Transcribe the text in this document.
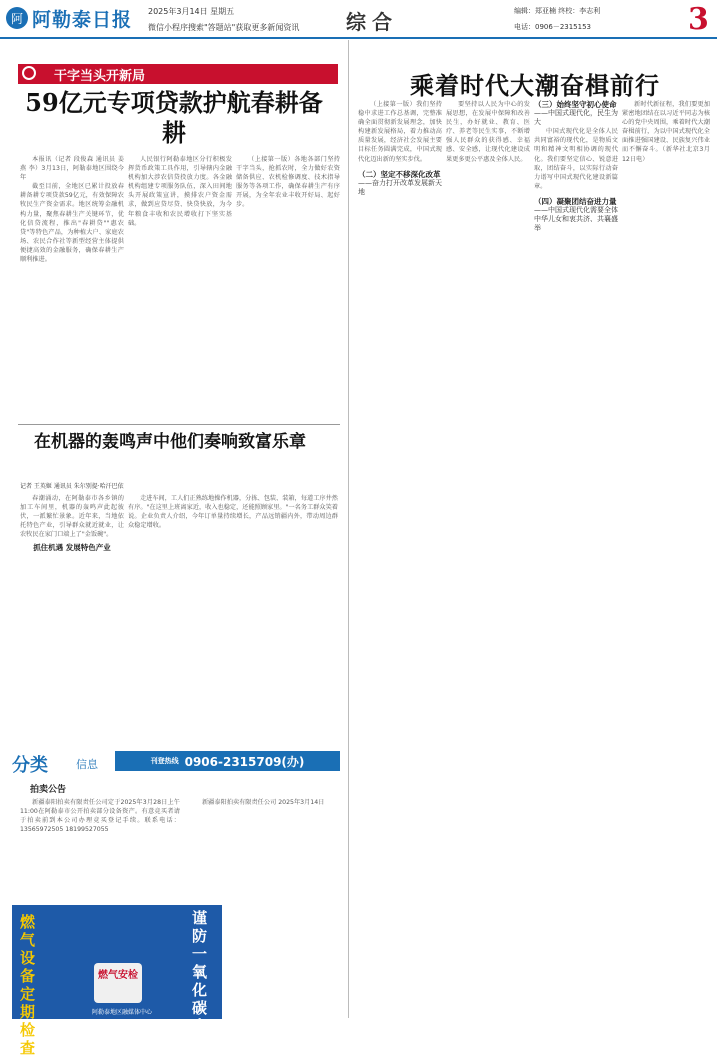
阿 阿勒泰日报 2025年3月14日 星期五
微信小程序搜索"答题站"获取更多新闻资讯 综合	编辑：郑亚楠 终校：李志利
电话：0906－2315153	3
干字当头开新局
59亿元专项贷款护航春耕备耕

本报讯（记者 段俊森 通讯员 姜燕 李）3月13日，阿勒泰地区围绕今年

截至目前，全地区已累计投放春耕备耕专项贷款59亿元，有效保障农牧民生产资金需求。地区统筹金融机构力量，聚焦春耕生产关键环节，优化信贷流程，推出"春耕贷""惠农贷"等特色产品，为种植大户、家庭农场、农民合作社等新型经营主体提供便捷高效的金融服务，确保春耕生产顺利推进。

人民银行阿勒泰地区分行积极发挥货币政策工具作用，引导辖内金融机构加大涉农信贷投放力度。各金融机构组建专项服务队伍，深入田间地头开展政策宣讲，摸排农户资金需求，做到应贷尽贷、快贷快放，为今年粮食丰收和农民增收打下坚实基础。

（上接第一版）各地各部门坚持干字当头，抢抓农时，全力做好农资储备供应、农机检修调度、技术指导服务等各项工作，确保春耕生产有序开展，为全年农业丰收开好局、起好步。

在机器的轰鸣声中他们奏响致富乐章
记者 王英姬 通讯员 朱尔别提·哈汗巴依

春潮涌动，在阿勒泰市各乡镇的加工车间里，机器的轰鸣声此起彼伏，一派繁忙景象。近年来，当地依托特色产业，引导群众就近就业，让农牧民在家门口端上了"金饭碗"。

抓住机遇 发展特色产业

走进车间，工人们正熟练地操作机器，分拣、包装、装箱，每道工序井然有序。"在这里上班离家近，收入也稳定，还能照顾家里。"一名务工群众笑着说。企业负责人介绍，今年订单量持续增长，产品远销疆内外，带动周边群众稳定增收。

分类	信息	刊登热线 0906-2315709(办)
拍卖公告

新疆泰阳拍卖有限责任公司定于2025年3月28日上午11:00在阿勒泰市公开拍卖部分设备资产。有意竞买者请于拍卖前到本公司办理竞买登记手续。联系电话：13565972505 18199527055

新疆泰阳拍卖有限责任公司 2025年3月14日

燃气设备定期检查
谨防一氧化碳中毒
燃气安检
阿勒泰地区融媒体中心
乘着时代大潮奋楫前行

（上接第一版）我们坚持稳中求进工作总基调，完整准确全面贯彻新发展理念，加快构建新发展格局，着力推动高质量发展，经济社会发展主要目标任务圆满完成，中国式现代化迈出新的坚实步伐。

（二）坚定不移深化改革
——奋力打开改革发展新天地

要坚持以人民为中心的发展思想，在发展中保障和改善民生，办好就业、教育、医疗、养老等民生实事，不断增强人民群众的获得感、幸福感、安全感，让现代化建设成果更多更公平惠及全体人民。

（三）始终坚守初心使命
——中国式现代化，民生为大

中国式现代化是全体人民共同富裕的现代化，是物质文明和精神文明相协调的现代化。我们要坚定信心、锐意进取，团结奋斗，以实际行动奋力谱写中国式现代化建设新篇章。

（四）凝聚团结奋进力量
——中国式现代化需要全体中华儿女和衷共济、共襄盛举

新时代新征程，我们要更加紧密地团结在以习近平同志为核心的党中央周围，乘着时代大潮奋楫前行，为以中国式现代化全面推进强国建设、民族复兴伟业而不懈奋斗。（新华社北京3月12日电）
